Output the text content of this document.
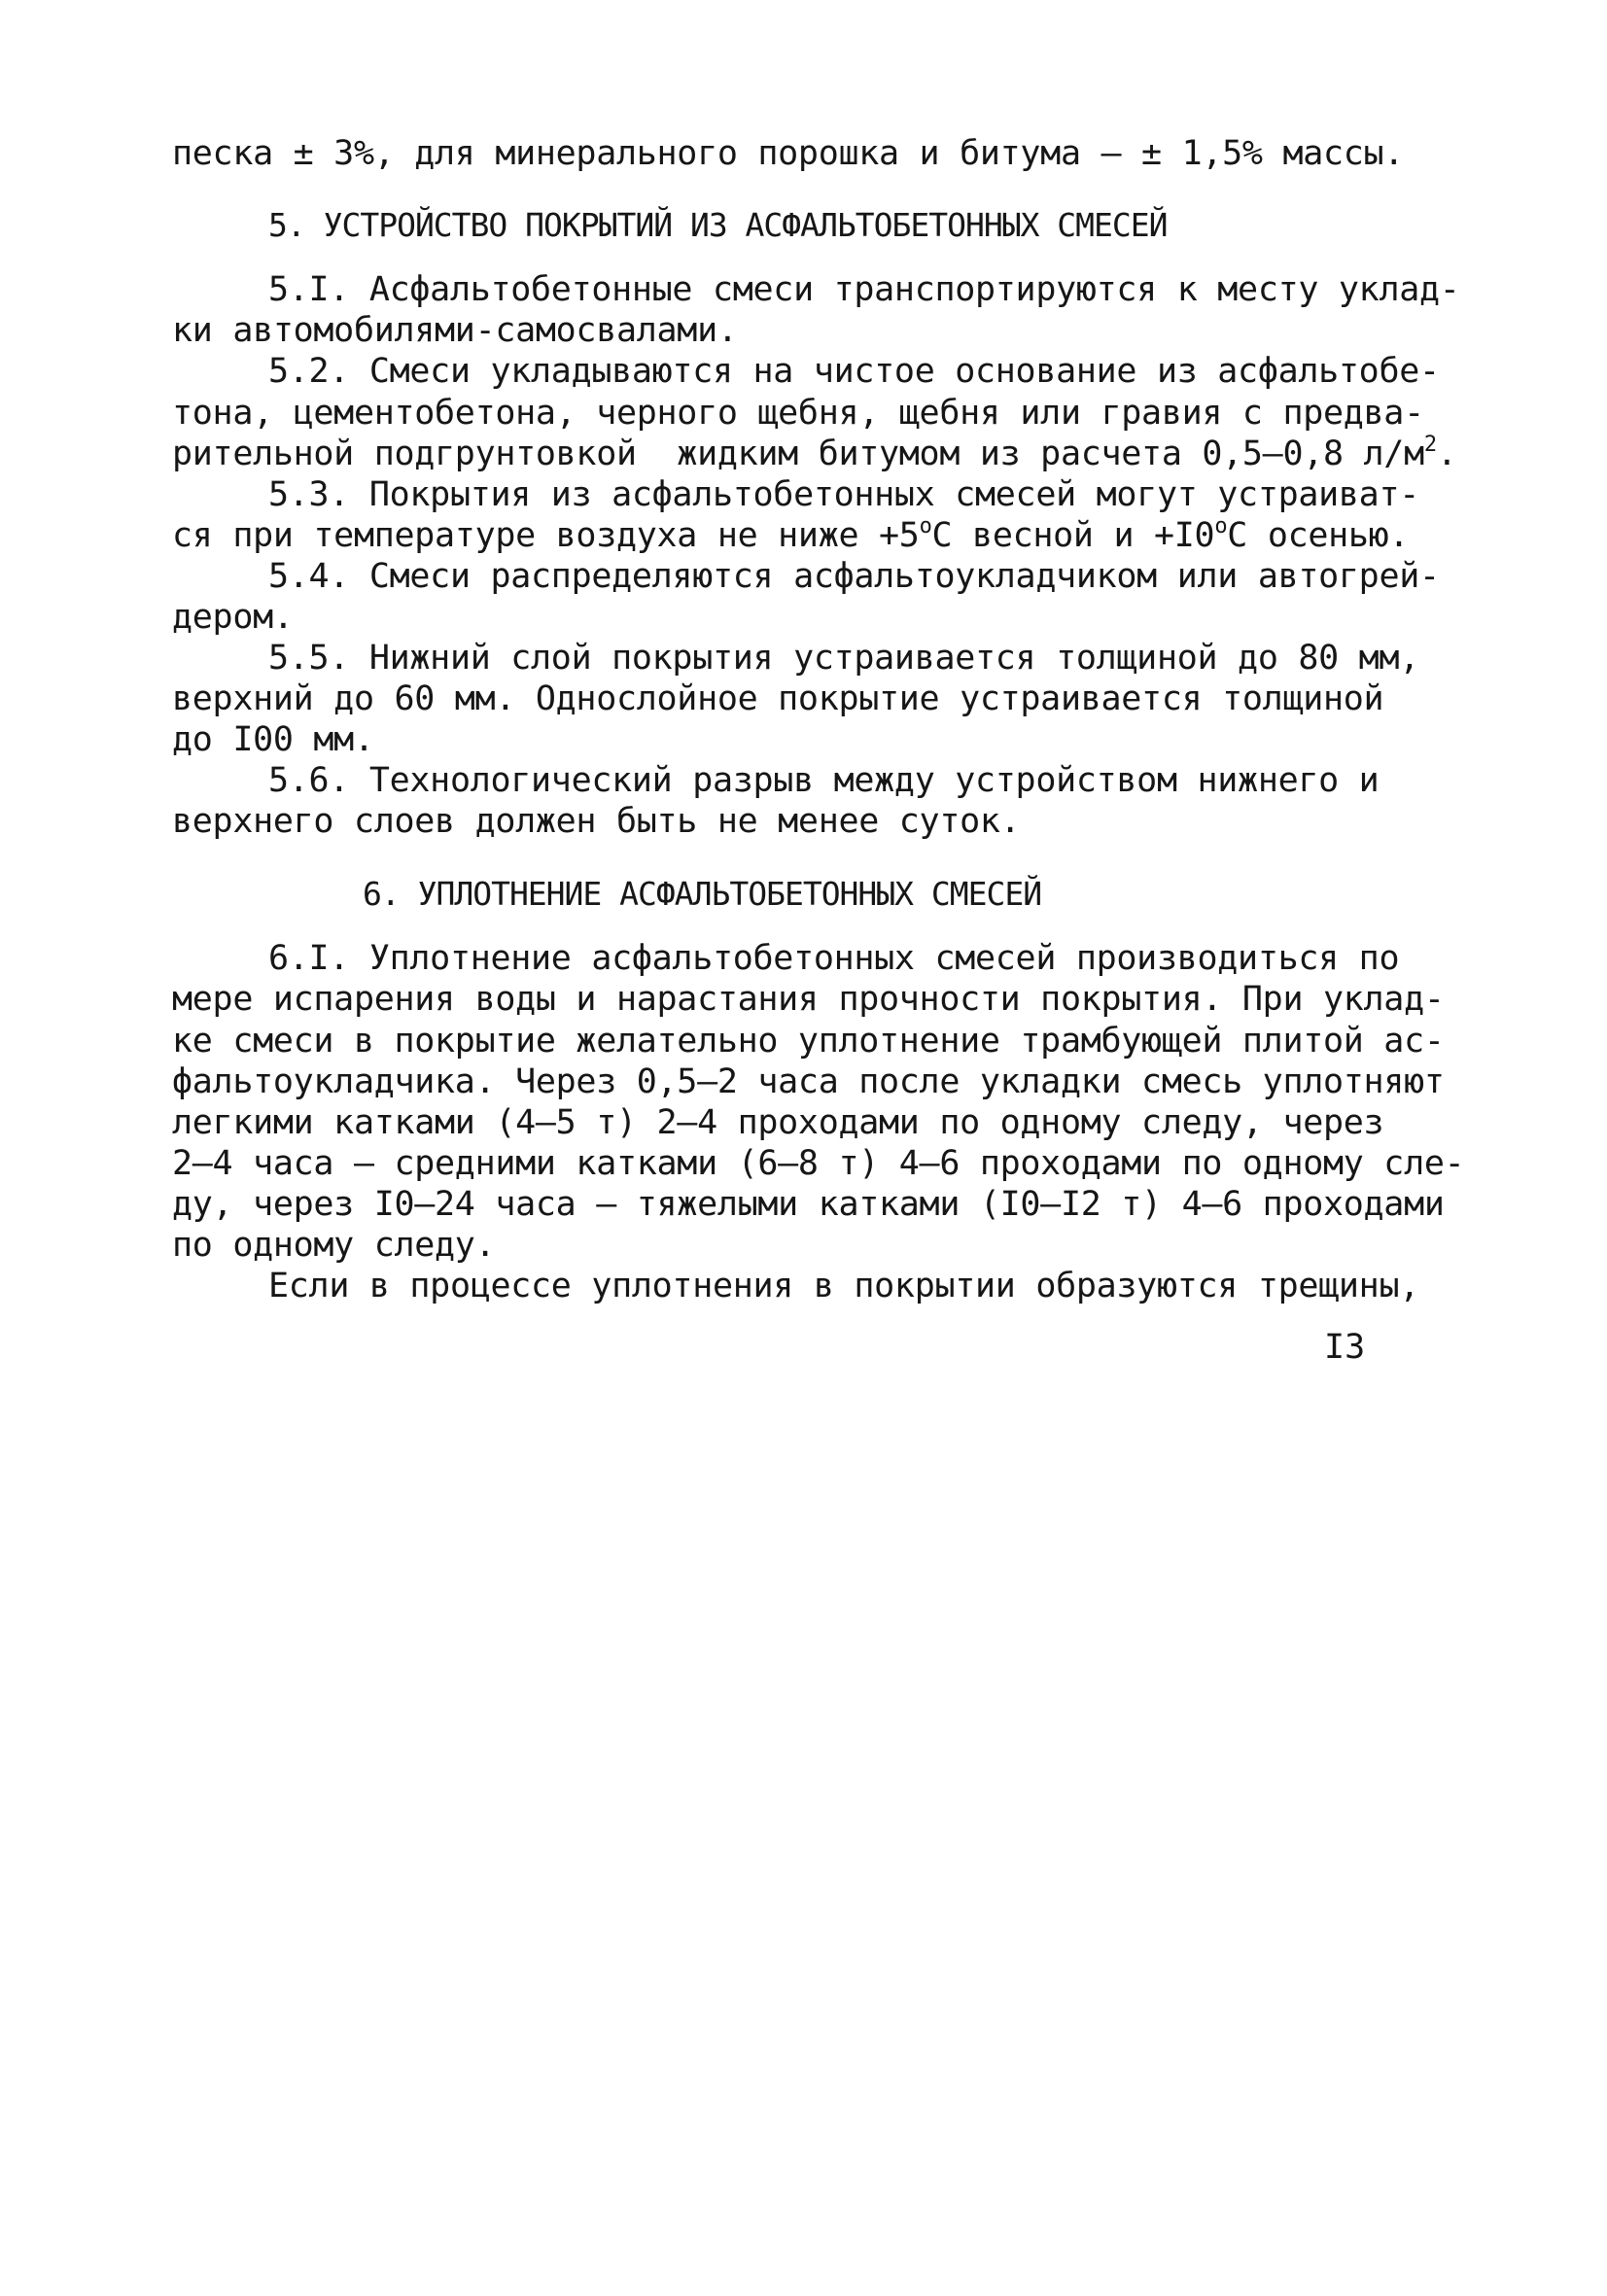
песка ± 3%, для минерального порошка и битума – ± 1,5% массы.
5. УСТРОЙСТВО ПОКРЫТИЙ ИЗ АСФАЛЬТОБЕТОННЫХ СМЕСЕЙ
5.I. Асфальтобетонные смеси транспортируются к месту уклад-
ки автомобилями-самосвалами.
5.2. Смеси укладываются на чистое основание из асфальтобе-
тона, цементобетона, черного щебня, щебня или гравия с предва-
рительной подгрунтовкой  жидким битумом из расчета 0,5–0,8 $л/м^2$.
5.3. Покрытия из асфальтобетонных смесей могут устраиват-
ся при температуре воздуха не ниже $+5^oС$ весной $и +I0^oС$ осенью.
5.4. Смеси распределяются асфальтоукладчиком или автогрей-
дером.
5.5. Нижний слой покрытия устраивается толщиной до 80 мм,
верхний до 60 мм. Однослойное покрытие устраивается толщиной
до I00 мм.
5.6. Технологический разрыв между устройством нижнего и
верхнего слоев должен быть не менее суток.
6. УПЛОТНЕНИЕ АСФАЛЬТОБЕТОННЫХ СМЕСЕЙ
6.I. Уплотнение асфальтобетонных смесей производиться по
мере испарения воды и нарастания прочности покрытия. При уклад-
ке смеси в покрытие желательно уплотнение трамбующей плитой ас-
фальтоукладчика. Через 0,5–2 часа после укладки смесь уплотняют
легкими катками (4–5 т) 2–4 проходами по одному следу, через
2–4 часа – средними катками (6–8 т) 4–6 проходами по одному сле-
ду, через I0–24 часа – тяжелыми катками (I0–I2 т) 4–6 проходами
по одному следу.
Если в процессе уплотнения в покрытии образуются трещины,
I3
